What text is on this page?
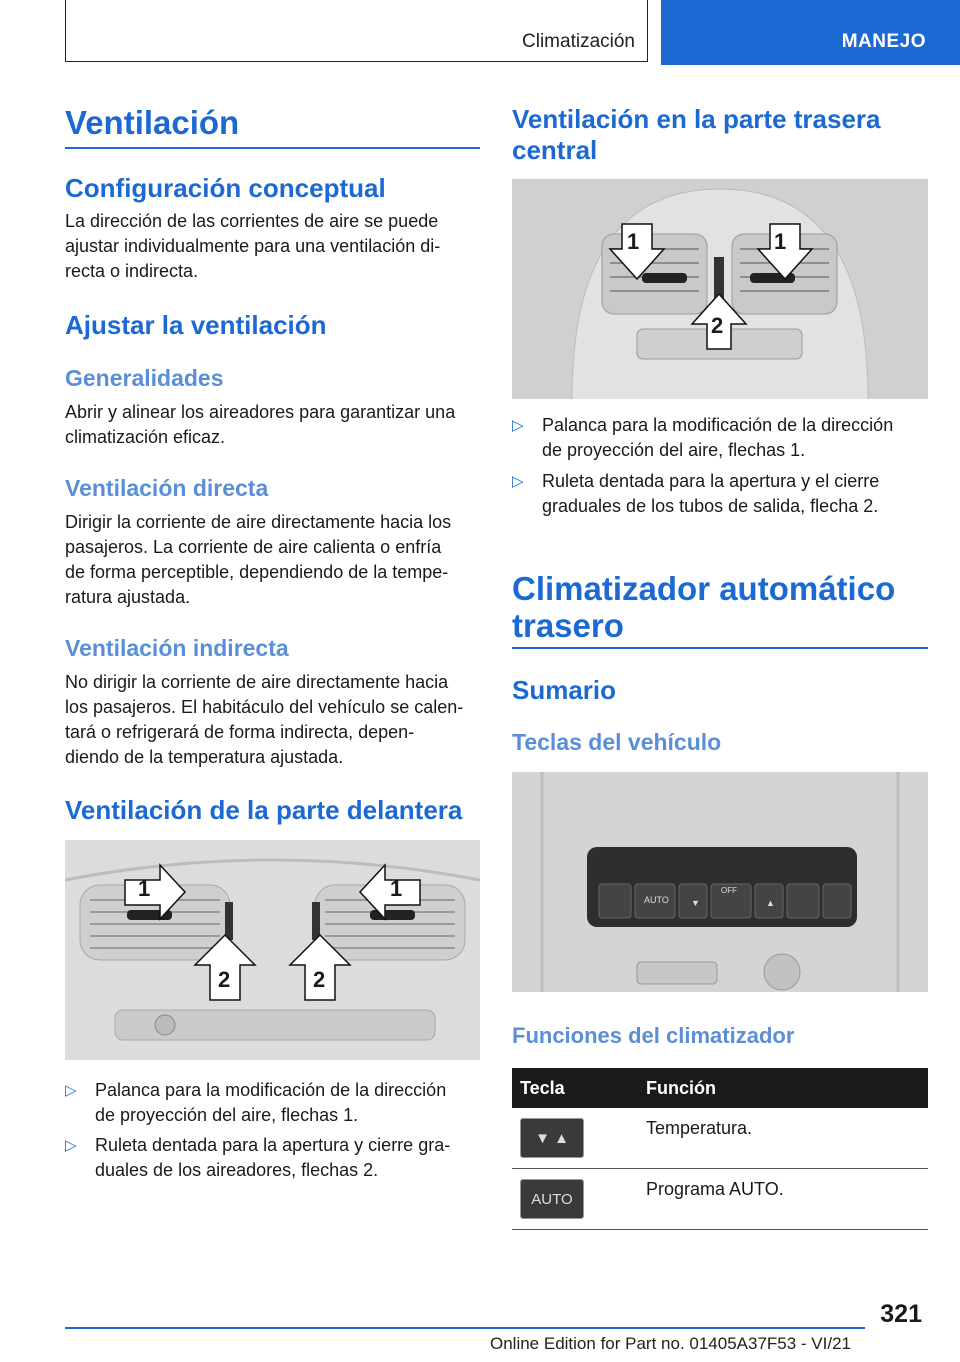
Climatización	MANEJO
Ventilación
Configuración conceptual
La dirección de las corrientes de aire se puede
ajustar individualmente para una ventilación di-
recta o indirecta.
Ajustar la ventilación
Generalidades
Abrir y alinear los aireadores para garantizar una
climatización eficaz.
Ventilación directa
Dirigir la corriente de aire directamente hacia los
pasajeros. La corriente de aire calienta o enfría
de forma perceptible, dependiendo de la tempe-
ratura ajustada.
Ventilación indirecta
No dirigir la corriente de aire directamente hacia
los pasajeros. El habitáculo del vehículo se calen-
tará o refrigerará de forma indirecta, depen-
diendo de la temperatura ajustada.
Ventilación de la parte delantera
1	1
2	2
▷ Palanca para la modificación de la dirección
de proyección del aire, flechas 1.
▷ Ruleta dentada para la apertura y cierre gra-
duales de los aireadores, flechas 2.
Ventilación en la parte trasera
central
1	1
2
▷ Palanca para la modificación de la dirección
de proyección del aire, flechas 1.
▷ Ruleta dentada para la apertura y el cierre
graduales de los tubos de salida, flecha 2.
Climatizador automático
trasero
Sumario
Teclas del vehículo
▼	▲
AUTO
OFF
Funciones del climatizador
Tecla	Función

▼ ▲	Temperatura.

AUTO	Programa AUTO.
321
Online Edition for Part no. 01405A37F53 - VI/21
